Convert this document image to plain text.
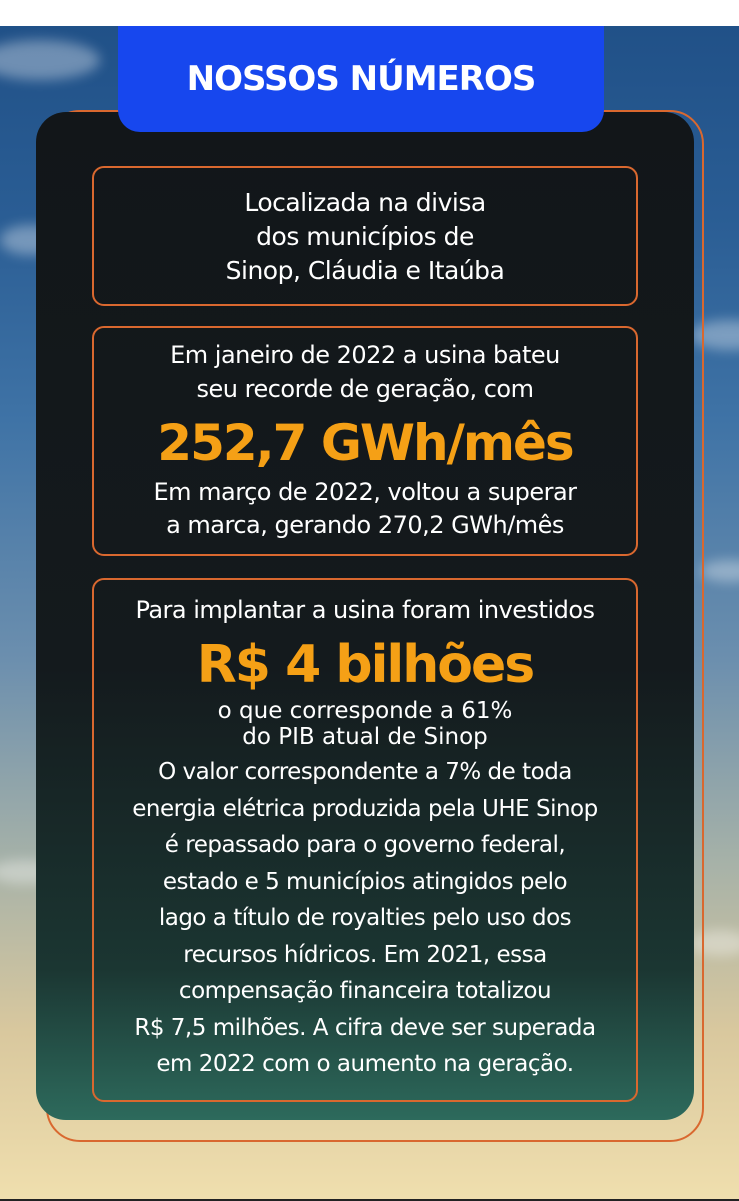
NOSSOS NÚMEROS

Localizada na divisa

dos municípios de

Sinop, Cláudia e Itaúba

Em janeiro de 2022 a usina bateu

seu recorde de geração, com

252,7 GWh/mês

Em março de 2022, voltou a superar

a marca, gerando 270,2 GWh/mês

Para implantar a usina foram investidos

R$ 4 bilhões

o que corresponde a 61%

do PIB atual de Sinop

O valor correspondente a 7% de toda

energia elétrica produzida pela UHE Sinop

é repassado para o governo federal,

estado e 5 municípios atingidos pelo

lago a título de royalties pelo uso dos

recursos hídricos. Em 2021, essa

compensação financeira totalizou

R$ 7,5 milhões. A cifra deve ser superada

em 2022 com o aumento na geração.
